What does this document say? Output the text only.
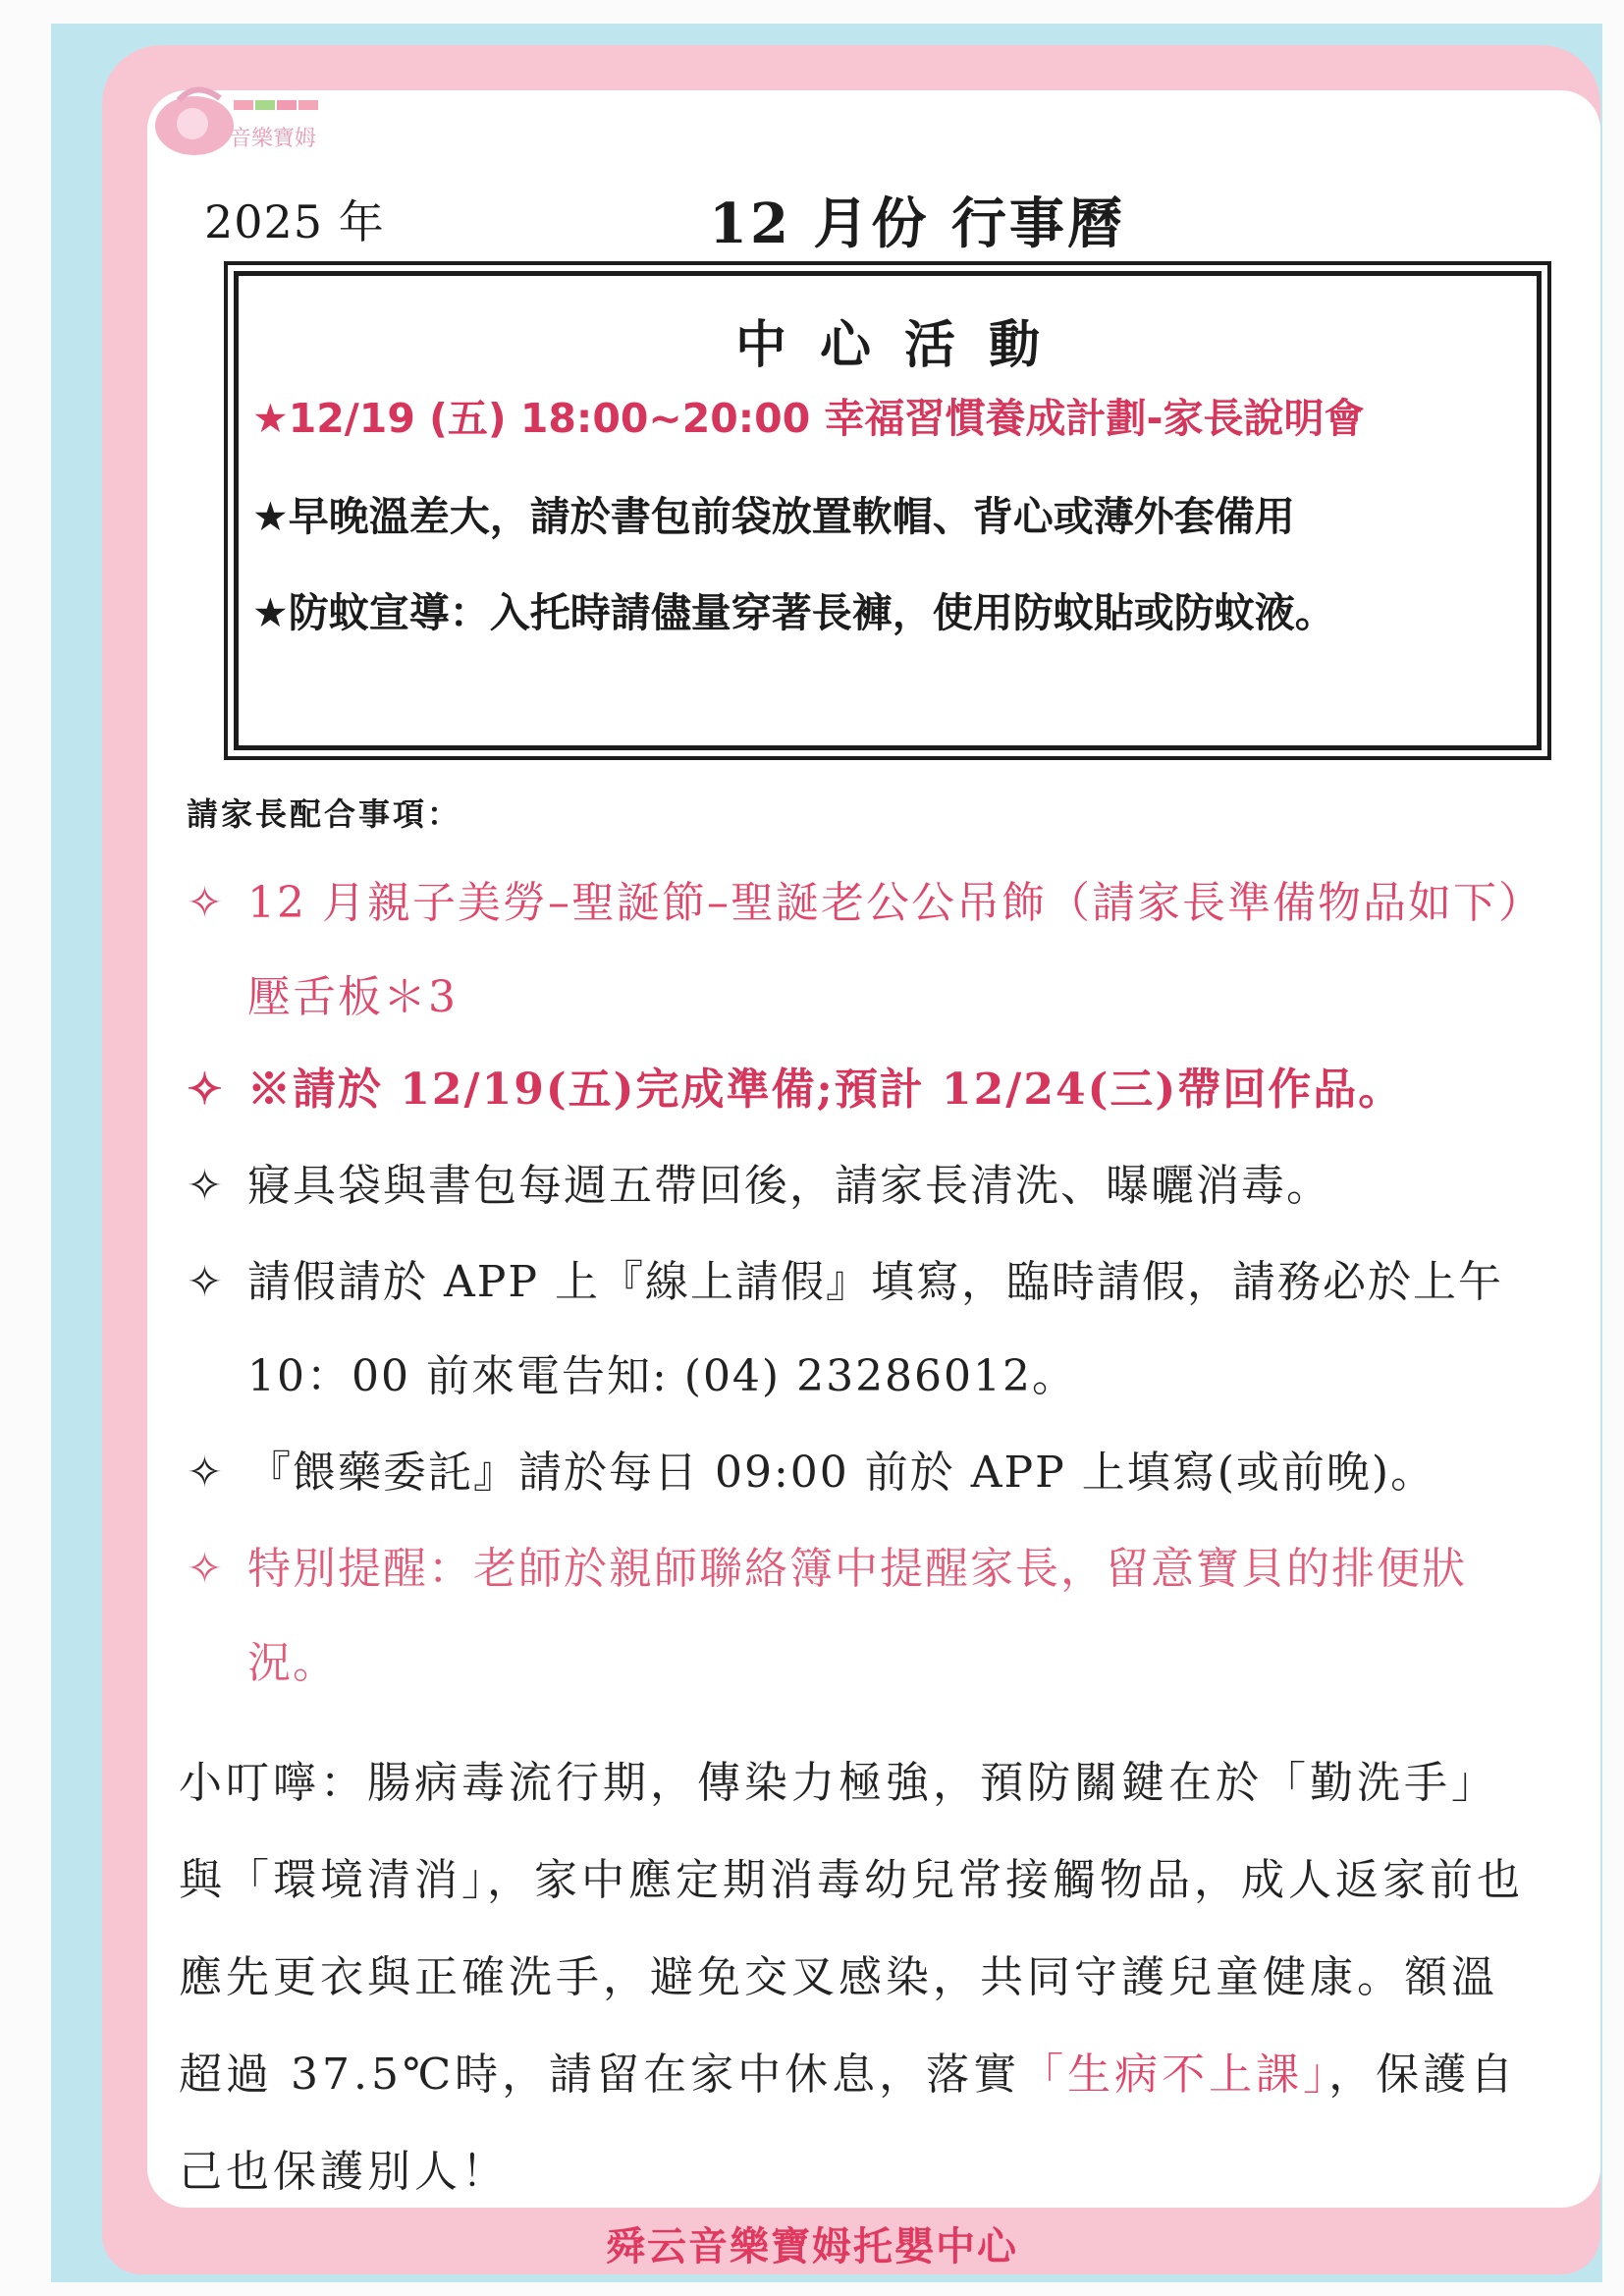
音樂寶姆
2025 年	12 月份 行事曆
中心活動
★12/19 (五) 18:00~20:00 幸福習慣養成計劃-家長說明會
★早晚溫差大，請於書包前袋放置軟帽、背心或薄外套備用
★防蚊宣導：入托時請儘量穿著長褲，使用防蚊貼或防蚊液。
請家長配合事項：
✧ 12 月親子美勞–聖誕節–聖誕老公公吊飾（請家長準備物品如下）壓舌板＊3
✧ ※請於 12/19(五)完成準備;預計 12/24(三)帶回作品。
✧ 寢具袋與書包每週五帶回後，請家長清洗、曝曬消毒。
✧ 請假請於 APP 上『線上請假』填寫，臨時請假，請務必於上午 10：00 前來電告知: (04) 23286012。
✧ 『餵藥委託』請於每日 09:00 前於 APP 上填寫(或前晚)。
✧ 特別提醒：老師於親師聯絡簿中提醒家長，留意寶貝的排便狀況。
小叮嚀：腸病毒流行期，傳染力極強，預防關鍵在於「勤洗手」與「環境清消」，家中應定期消毒幼兒常接觸物品，成人返家前也應先更衣與正確洗手，避免交叉感染，共同守護兒童健康。額溫超過 37.5℃時，請留在家中休息，落實「生病不上課」，保護自己也保護別人！
舜云音樂寶姆托嬰中心
